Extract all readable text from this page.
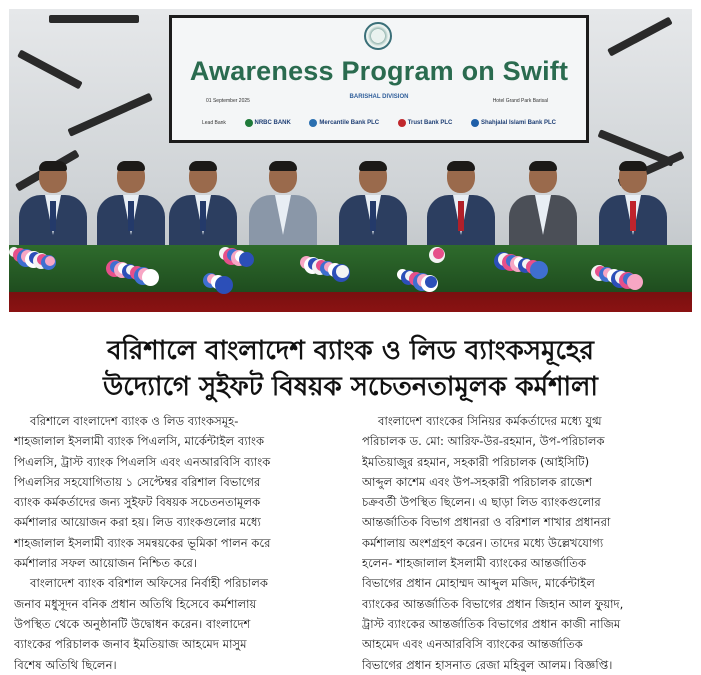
Awareness Program on Swift
01 September 2025
BARISHAL DIVISION
Hotel Grand Park Barisal
Lead Bank	NRBC BANK	Mercantile Bank PLC	Trust Bank PLC	Shahjalal Islami Bank PLC
বরিশালে বাংলাদেশ ব্যাংক ও লিড ব্যাংকসমূহের
উদ্যোগে সুইফট বিষয়ক সচেতনতামূলক কর্মশালা

বরিশালে বাংলাদেশ ব্যাংক ও লিড ব্যাংকসমূহ-
শাহজালাল ইসলামী ব্যাংক পিএলসি, মার্কেন্টাইল ব্যাংক
পিএলসি, ট্রাস্ট ব্যাংক পিএলসি এবং এনআরবিসি ব্যাংক
পিএলসির সহযোগিতায় ১ সেপ্টেম্বর বরিশাল বিভাগের
ব্যাংক কর্মকর্তাদের জন্য সুইফট বিষয়ক সচেতনতামূলক
কর্মশালার আয়োজন করা হয়। লিড ব্যাংকগুলোর মধ্যে
শাহজালাল ইসলামী ব্যাংক সমন্বয়কের ভূমিকা পালন করে
কর্মশালার সফল আয়োজন নিশ্চিত করে।

বাংলাদেশ ব্যাংক বরিশাল অফিসের নির্বাহী পরিচালক
জনাব মধুসূদন বনিক প্রধান অতিথি হিসেবে কর্মশালায়
উপস্থিত থেকে অনুষ্ঠানটি উদ্বোধন করেন। বাংলাদেশ
ব্যাংকের পরিচালক জনাব ইমতিয়াজ আহমেদ মাসুম
বিশেষ অতিথি ছিলেন।

বাংলাদেশ ব্যাংকের সিনিয়র কর্মকর্তাদের মধ্যে যুগ্ম
পরিচালক ড. মো: আরিফ-উর-রহমান, উপ-পরিচালক
ইমতিয়াজুর রহমান, সহকারী পরিচালক (আইসিটি)
আব্দুল কাশেম এবং উপ-সহকারী পরিচালক রাজেশ
চক্রবর্তী উপস্থিত ছিলেন। এ ছাড়া লিড ব্যাংকগুলোর
আন্তর্জাতিক বিভাগ প্রধানরা ও বরিশাল শাখার প্রধানরা
কর্মশালায় অংশগ্রহণ করেন। তাদের মধ্যে উল্লেখযোগ্য
হলেন- শাহজালাল ইসলামী ব্যাংকের আন্তর্জাতিক
বিভাগের প্রধান মোহাম্মদ আব্দুল মজিদ, মার্কেন্টাইল
ব্যাংকের আন্তর্জাতিক বিভাগের প্রধান জিহান আল ফুয়াদ,
ট্রাস্ট ব্যাংকের আন্তর্জাতিক বিভাগের প্রধান কাজী নাজিম
আহমেদ এবং এনআরবিসি ব্যাংকের আন্তর্জাতিক
বিভাগের প্রধান হাসনাত রেজা মহিবুল আলম। বিজ্ঞপ্তি।
